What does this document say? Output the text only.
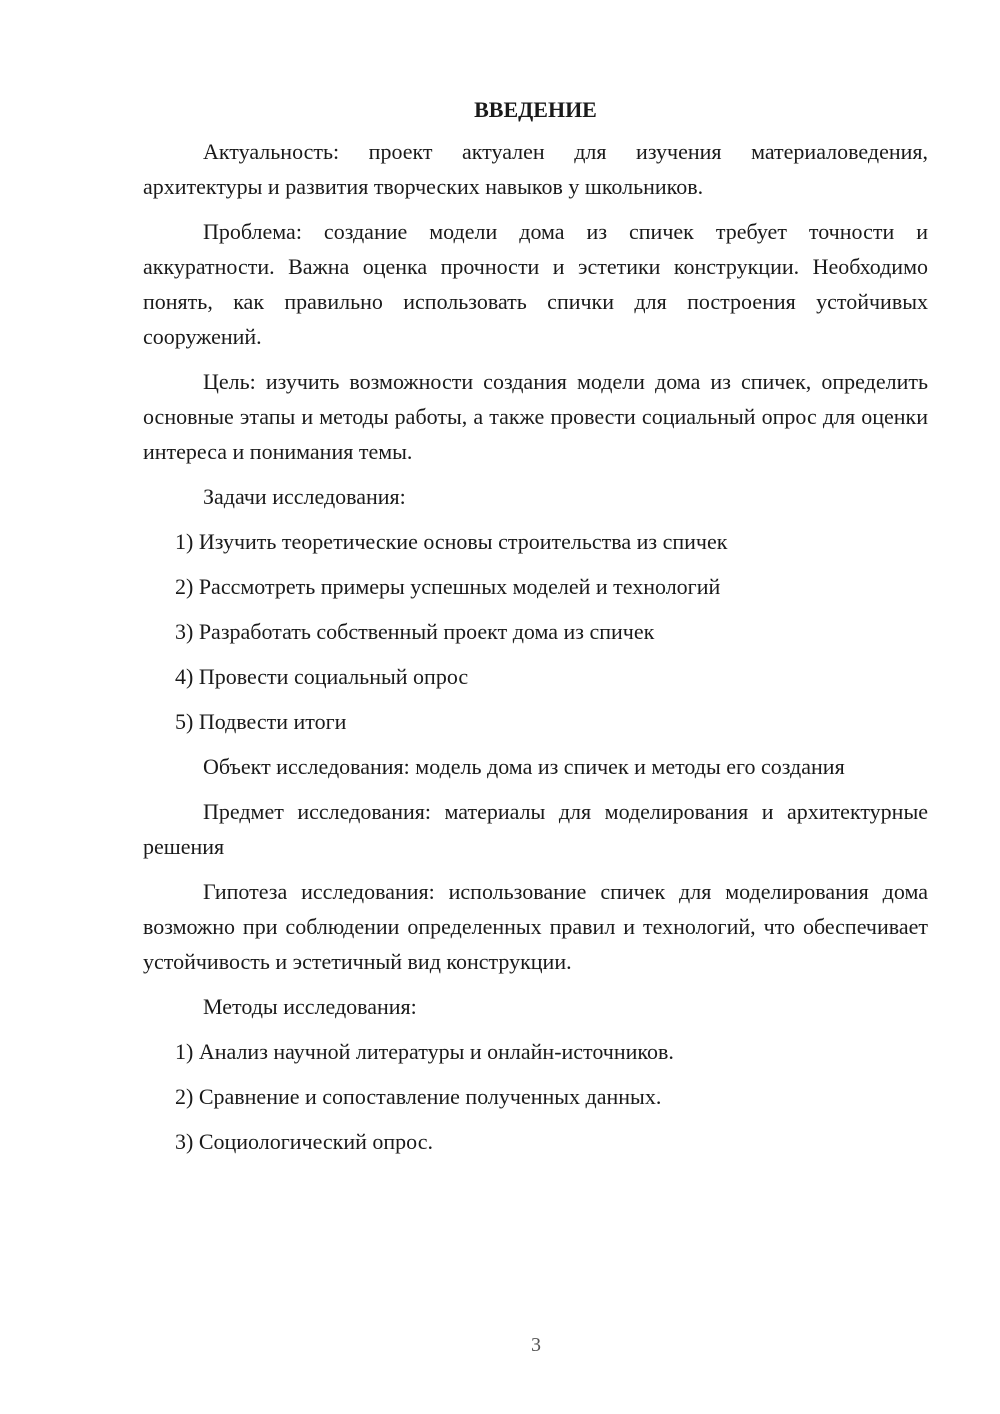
ВВЕДЕНИЕ
Актуальность: проект актуален для изучения материаловедения, архитектуры и развития творческих навыков у школьников.
Проблема: создание модели дома из спичек требует точности и аккуратности. Важна оценка прочности и эстетики конструкции. Необходимо понять, как правильно использовать спички для построения устойчивых сооружений.
Цель: изучить возможности создания модели дома из спичек, определить основные этапы и методы работы, а также провести социальный опрос для оценки интереса и понимания темы.
Задачи исследования:
1) Изучить теоретические основы строительства из спичек
2) Рассмотреть примеры успешных моделей и технологий
3) Разработать собственный проект дома из спичек
4) Провести социальный опрос
5) Подвести итоги
Объект исследования: модель дома из спичек и методы его создания
Предмет исследования: материалы для моделирования и архитектурные решения
Гипотеза исследования: использование спичек для моделирования дома возможно при соблюдении определенных правил и технологий, что обеспечивает устойчивость и эстетичный вид конструкции.
Методы исследования:
1) Анализ научной литературы и онлайн-источников.
2) Сравнение и сопоставление полученных данных.
3) Социологический опрос.
3
